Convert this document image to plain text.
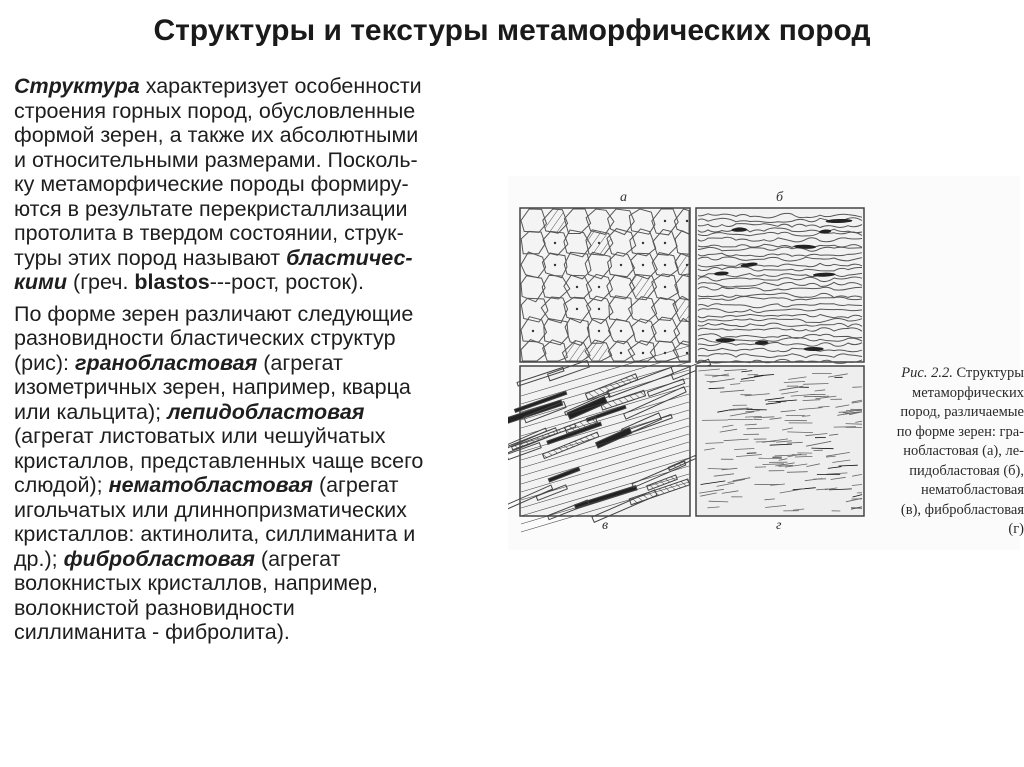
Структуры и текстуры метаморфических пород

Структура характеризует особенности
строения горных пород, обусловленные
формой зерен, а также их абсолютными
и относительными размерами. Посколь-
ку метаморфические породы формиру-
ются в результате перекристаллизации
протолита в твердом состоянии, струк-
туры этих пород называют бластичес-
кими (греч. blastos---рост, росток).

По форме зерен различают следующие
разновидности бластических структур
(рис): гранобластовая (агрегат
изометричных зерен, например, кварца
или кальцита); лепидобластовая
(агрегат листоватых или чешуйчатых
кристаллов, представленных чаще всего
слюдой); нематобластовая (агрегат
игольчатых или длиннопризматических
кристаллов: актинолита, силлиманита и
др.); фибробластовая (агрегат
волокнистых кристаллов, например,
волокнистой разновидности
силлиманита - фибролита).

а	б
в	г
Рис. 2.2. Структуры
метаморфических
пород, различаемые
по форме зерен: гра-
нобластовая (а), ле-
пидобластовая (б),
нематобластовая
(в), фибробластовая
(г)
